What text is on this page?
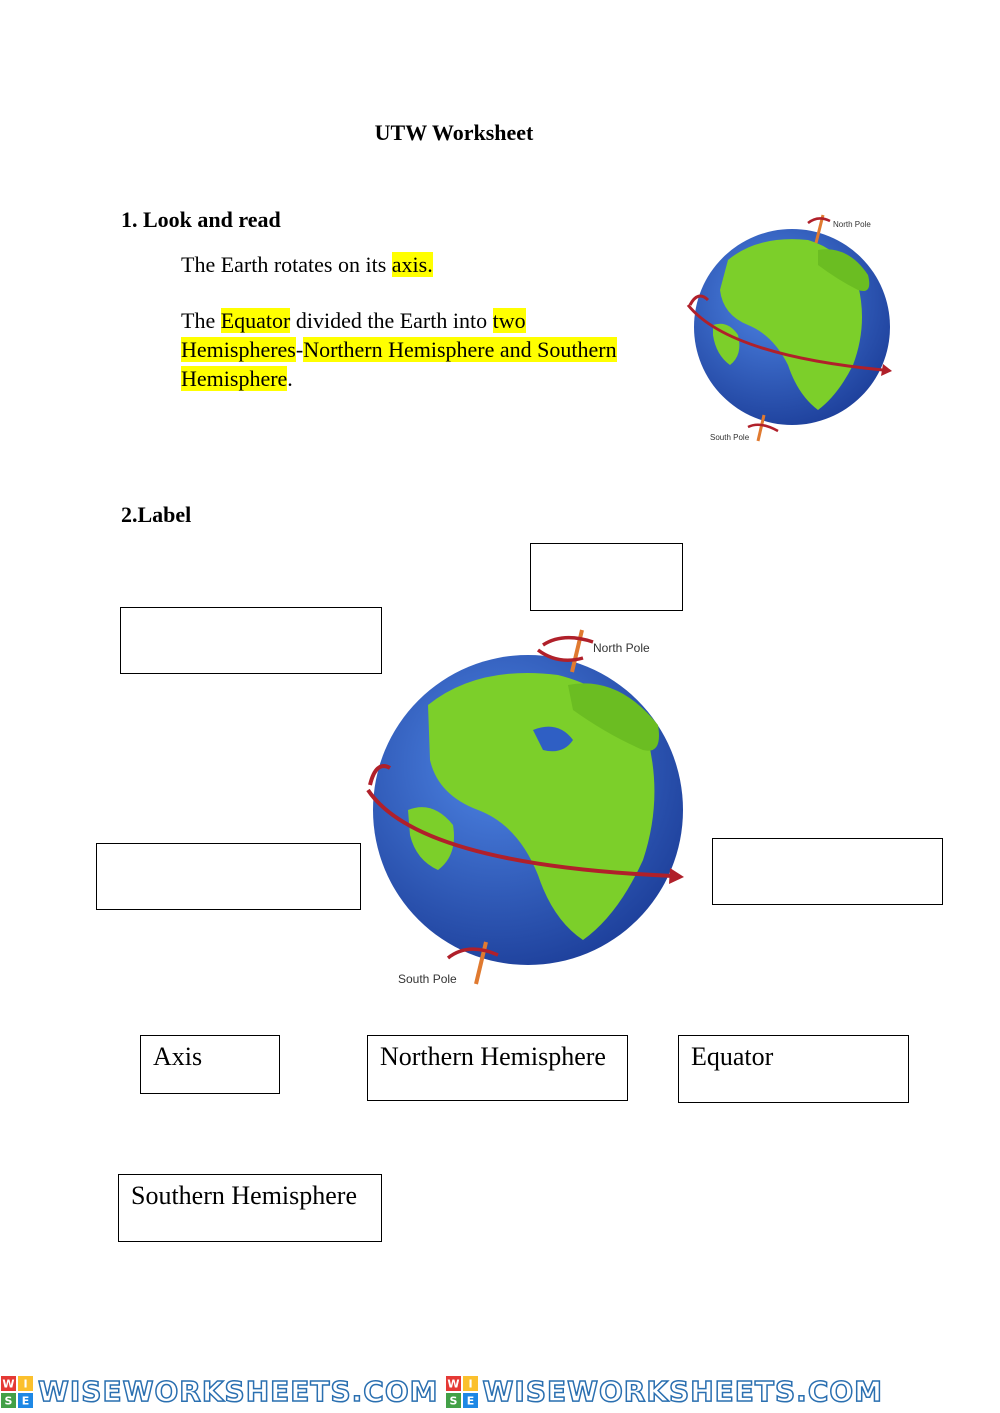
UTW Worksheet
1. Look and read
The Earth rotates on its axis.
The Equator divided the Earth into two
Hemispheres-Northern Hemisphere and Southern
Hemisphere.
North Pole
South Pole
2.Label
North Pole
South Pole
Axis	Northern Hemisphere	Equator
Southern Hemisphere
W I
S E WISEWORKSHEETS.COM W I
S E WISEWORKSHEETS.COM
